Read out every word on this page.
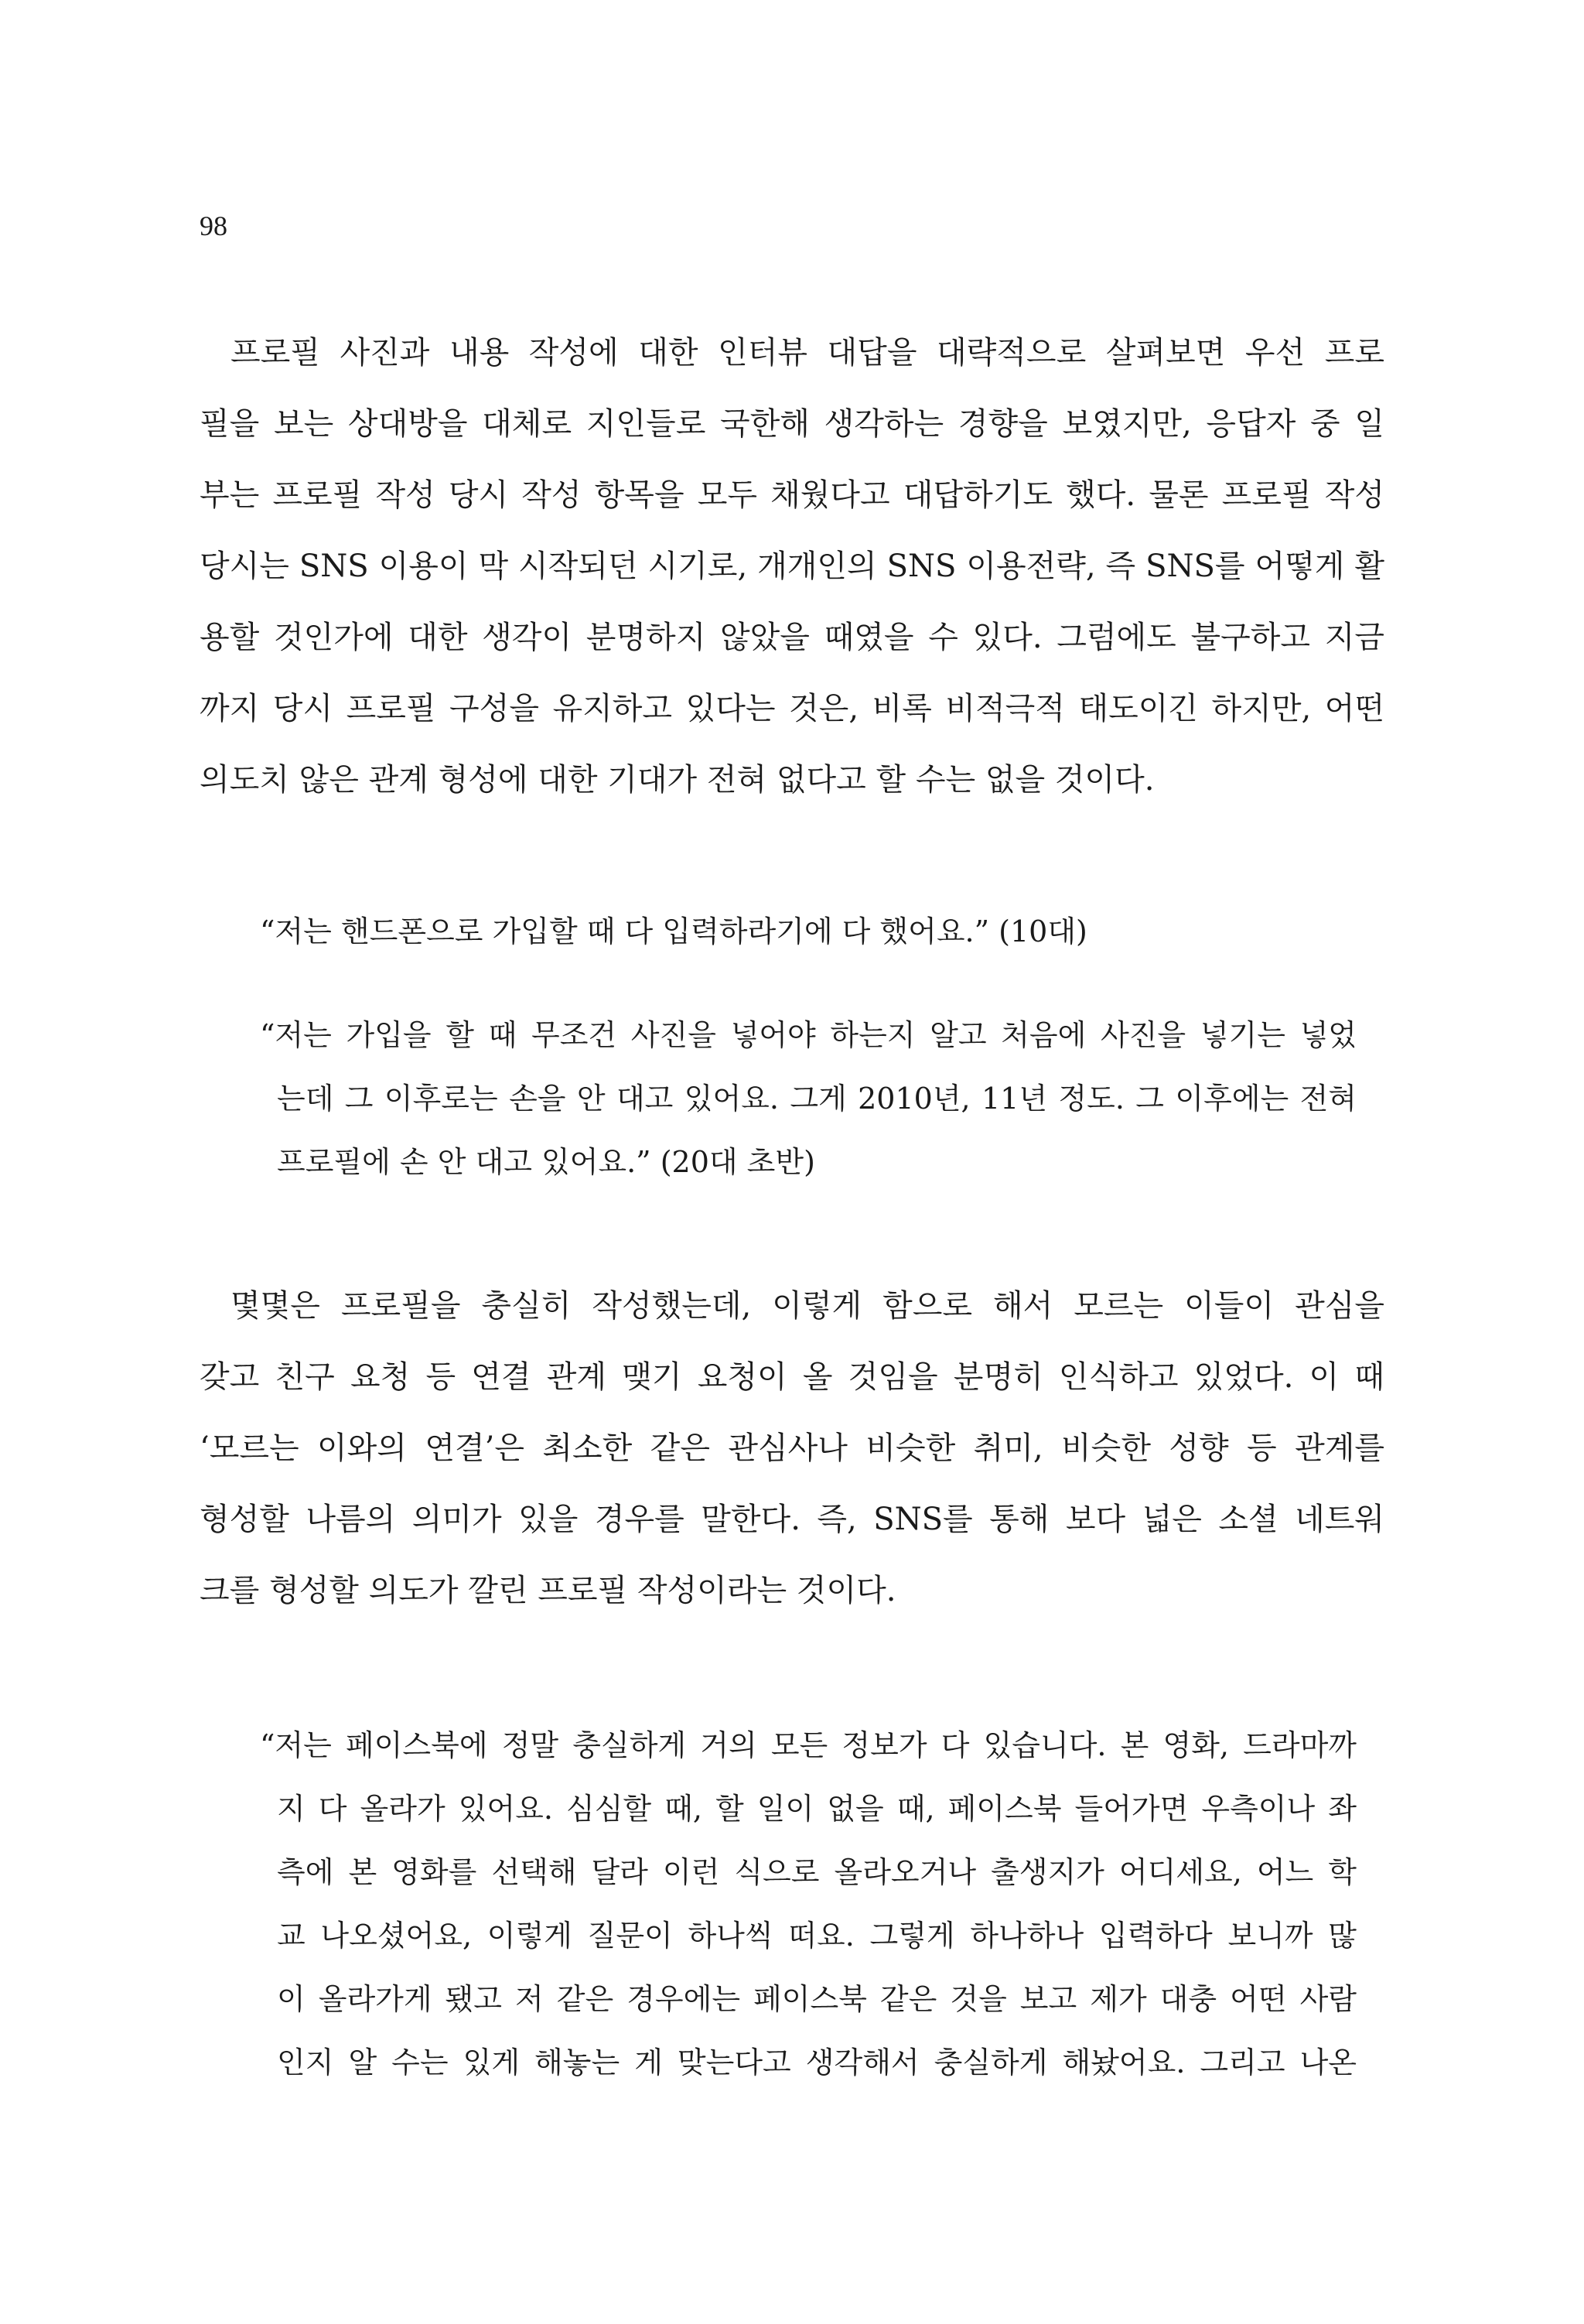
98
프로필 사진과 내용 작성에 대한 인터뷰 대답을 대략적으로 살펴보면 우선 프로
필을 보는 상대방을 대체로 지인들로 국한해 생각하는 경향을 보였지만, 응답자 중 일
부는 프로필 작성 당시 작성 항목을 모두 채웠다고 대답하기도 했다. 물론 프로필 작성
당시는 SNS 이용이 막 시작되던 시기로, 개개인의 SNS 이용전략, 즉 SNS를 어떻게 활
용할 것인가에 대한 생각이 분명하지 않았을 때였을 수 있다. 그럼에도 불구하고 지금
까지 당시 프로필 구성을 유지하고 있다는 것은, 비록 비적극적 태도이긴 하지만, 어떤
의도치 않은 관계 형성에 대한 기대가 전혀 없다고 할 수는 없을 것이다.
“저는 핸드폰으로 가입할 때 다 입력하라기에 다 했어요.” (10대)
“저는 가입을 할 때 무조건 사진을 넣어야 하는지 알고 처음에 사진을 넣기는 넣었
는데 그 이후로는 손을 안 대고 있어요. 그게 2010년, 11년 정도. 그 이후에는 전혀
프로필에 손 안 대고 있어요.” (20대 초반)
몇몇은 프로필을 충실히 작성했는데, 이렇게 함으로 해서 모르는 이들이 관심을
갖고 친구 요청 등 연결 관계 맺기 요청이 올 것임을 분명히 인식하고 있었다. 이 때
‘모르는 이와의 연결’은 최소한 같은 관심사나 비슷한 취미, 비슷한 성향 등 관계를
형성할 나름의 의미가 있을 경우를 말한다. 즉, SNS를 통해 보다 넓은 소셜 네트워
크를 형성할 의도가 깔린 프로필 작성이라는 것이다.
“저는 페이스북에 정말 충실하게 거의 모든 정보가 다 있습니다. 본 영화, 드라마까
지 다 올라가 있어요. 심심할 때, 할 일이 없을 때, 페이스북 들어가면 우측이나 좌
측에 본 영화를 선택해 달라 이런 식으로 올라오거나 출생지가 어디세요, 어느 학
교 나오셨어요, 이렇게 질문이 하나씩 떠요. 그렇게 하나하나 입력하다 보니까 많
이 올라가게 됐고 저 같은 경우에는 페이스북 같은 것을 보고 제가 대충 어떤 사람
인지 알 수는 있게 해놓는 게 맞는다고 생각해서 충실하게 해놨어요. 그리고 나온
